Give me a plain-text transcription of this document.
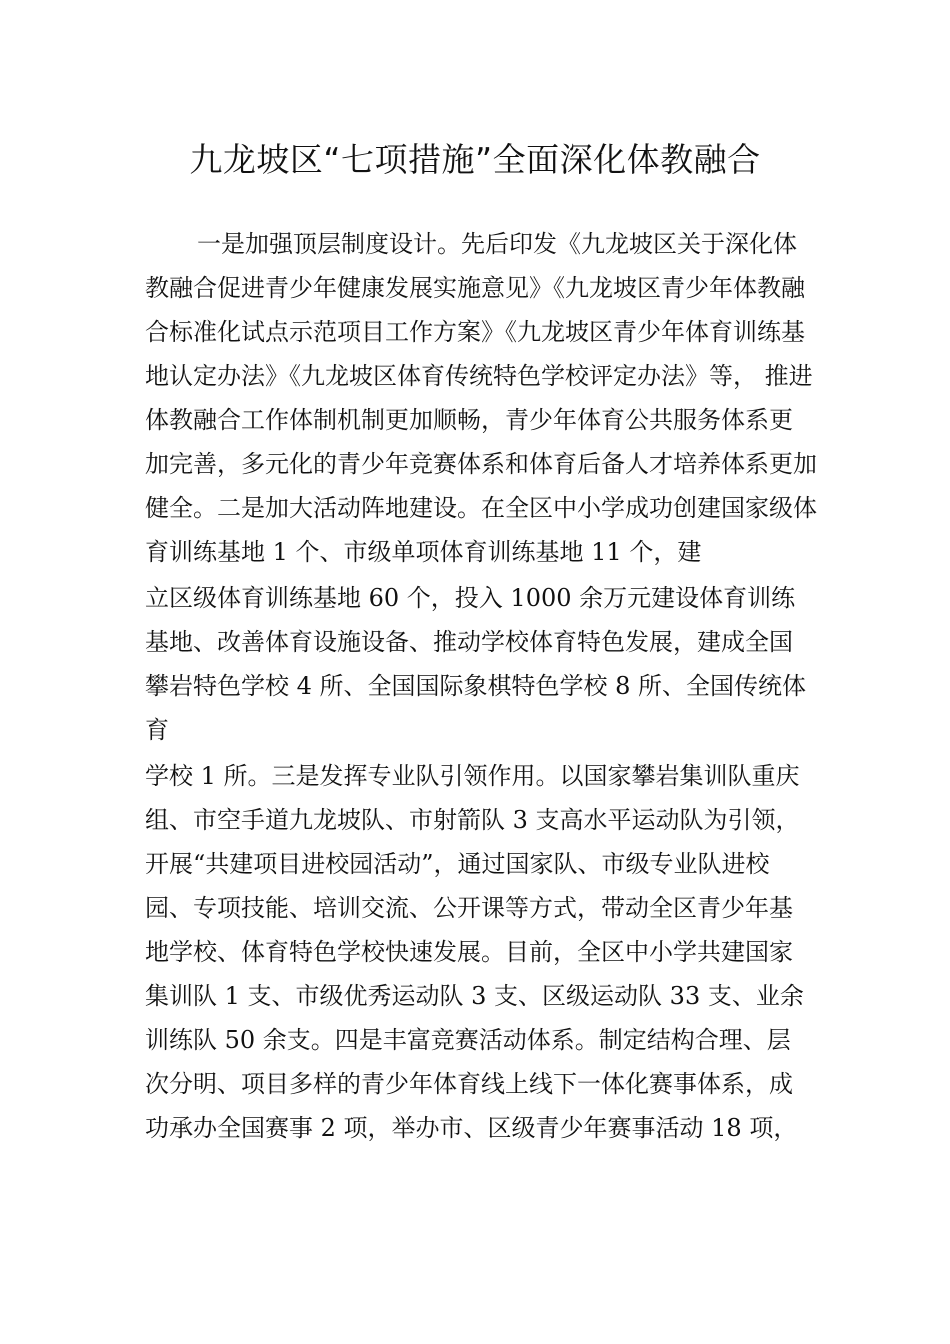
九龙坡区“七项措施”全面深化体教融合
一是加强顶层制度设计。先后印发《九龙坡区关于深化体
教融合促进青少年健康发展实施意见》《九龙坡区青少年体教融
合标准化试点示范项目工作方案》《九龙坡区青少年体育训练基
地认定办法》《九龙坡区体育传统特色学校评定办法》等， 推进
体教融合工作体制机制更加顺畅，青少年体育公共服务体系更
加完善，多元化的青少年竞赛体系和体育后备人才培养体系更加
健全。二是加大活动阵地建设。在全区中小学成功创建国家级体
育训练基地 1 个、市级单项体育训练基地 11 个，建
立区级体育训练基地 60 个，投入 1000 余万元建设体育训练
基地、改善体育设施设备、推动学校体育特色发展，建成全国
攀岩特色学校 4 所、全国国际象棋特色学校 8 所、全国传统体
育
学校 1 所。三是发挥专业队引领作用。以国家攀岩集训队重庆
组、市空手道九龙坡队、市射箭队 3 支高水平运动队为引领，
开展“共建项目进校园活动”，通过国家队、市级专业队进校
园、专项技能、培训交流、公开课等方式，带动全区青少年基
地学校、体育特色学校快速发展。目前，全区中小学共建国家
集训队 1 支、市级优秀运动队 3 支、区级运动队 33 支、业余
训练队 50 余支。四是丰富竞赛活动体系。制定结构合理、层
次分明、项目多样的青少年体育线上线下一体化赛事体系，成
功承办全国赛事 2 项，举办市、区级青少年赛事活动 18 项，
